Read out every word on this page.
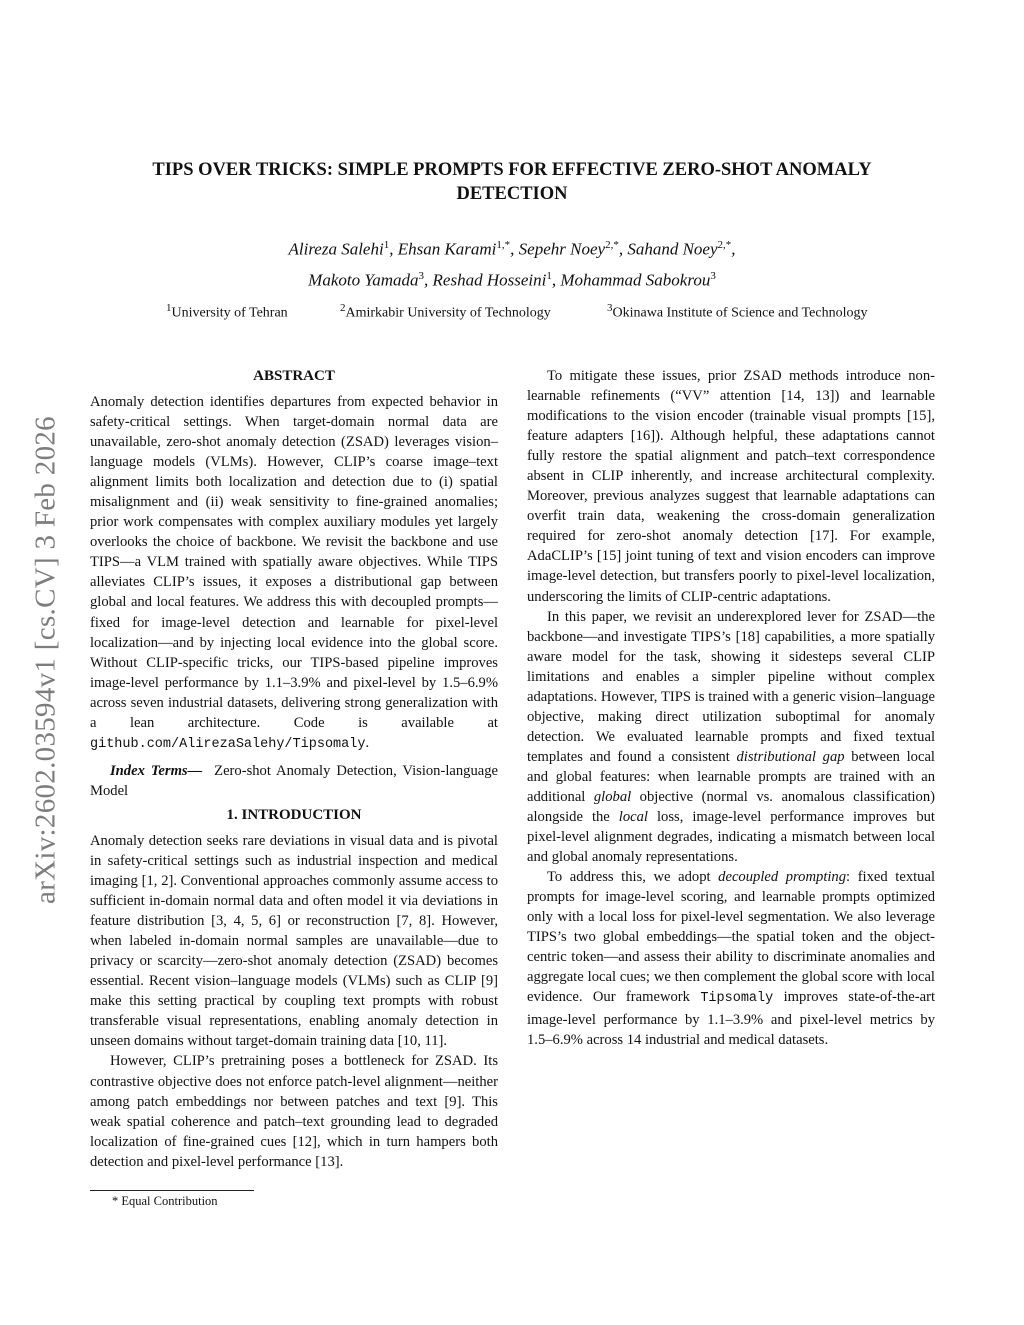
arXiv:2602.03594v1 [cs.CV] 3 Feb 2026
TIPS OVER TRICKS: SIMPLE PROMPTS FOR EFFECTIVE ZERO-SHOT ANOMALY DETECTION
Alireza Salehi$^1$, Ehsan Karami$^{1,*}$, Sepehr Noey$^{2,*}$, Sahand Noey$^{2,*}$,
Makoto Yamada$^3$, Reshad Hosseini$^1$, Mohammad Sabokrou$^3$
$^1$University of Tehran	$^2$Amirkabir University of Technology	$^3$Okinawa Institute of Science and Technology
ABSTRACT

Anomaly detection identifies departures from expected behavior in safety-critical settings. When target-domain normal data are unavailable, zero-shot anomaly detection (ZSAD) leverages vision–language models (VLMs). However, CLIP’s coarse image–text alignment limits both localization and detection due to (i) spatial misalignment and (ii) weak sensitivity to fine-grained anomalies; prior work compensates with complex auxiliary modules yet largely overlooks the choice of backbone. We revisit the backbone and use TIPS—a VLM trained with spatially aware objectives. While TIPS alleviates CLIP’s issues, it exposes a distributional gap between global and local features. We address this with decoupled prompts—fixed for image-level detection and learnable for pixel-level localization—and by injecting local evidence into the global score. Without CLIP-specific tricks, our TIPS-based pipeline improves image-level performance by 1.1–3.9% and pixel-level by 1.5–6.9% across seven industrial datasets, delivering strong generalization with a lean architecture. Code is available at github.com/AlirezaSalehy/Tipsomaly.

Index Terms— Zero-shot Anomaly Detection, Vision-language Model

1. INTRODUCTION

Anomaly detection seeks rare deviations in visual data and is pivotal in safety-critical settings such as industrial inspection and medical imaging [1, 2]. Conventional approaches commonly assume access to sufficient in-domain normal data and often model it via deviations in feature distribution [3, 4, 5, 6] or reconstruction [7, 8]. However, when labeled in-domain normal samples are unavailable—due to privacy or scarcity—zero-shot anomaly detection (ZSAD) becomes essential. Recent vision–language models (VLMs) such as CLIP [9] make this setting practical by coupling text prompts with robust transferable visual representations, enabling anomaly detection in unseen domains without target-domain training data [10, 11].

However, CLIP’s pretraining poses a bottleneck for ZSAD. Its contrastive objective does not enforce patch-level alignment—neither among patch embeddings nor between patches and text [9]. This weak spatial coherence and patch–text grounding lead to degraded localization of fine-grained cues [12], which in turn hampers both detection and pixel-level performance [13].

To mitigate these issues, prior ZSAD methods introduce non-learnable refinements (“VV” attention [14, 13]) and learnable modifications to the vision encoder (trainable visual prompts [15], feature adapters [16]). Although helpful, these adaptations cannot fully restore the spatial alignment and patch–text correspondence absent in CLIP inherently, and increase architectural complexity. Moreover, previous analyzes suggest that learnable adaptations can overfit train data, weakening the cross-domain generalization required for zero-shot anomaly detection [17]. For example, AdaCLIP’s [15] joint tuning of text and vision encoders can improve image-level detection, but transfers poorly to pixel-level localization, underscoring the limits of CLIP-centric adaptations.

In this paper, we revisit an underexplored lever for ZSAD—the backbone—and investigate TIPS’s [18] capabilities, a more spatially aware model for the task, showing it sidesteps several CLIP limitations and enables a simpler pipeline without complex adaptations. However, TIPS is trained with a generic vision–language objective, making direct utilization suboptimal for anomaly detection. We evaluated learnable prompts and fixed textual templates and found a consistent distributional gap between local and global features: when learnable prompts are trained with an additional global objective (normal vs. anomalous classification) alongside the local loss, image-level performance improves but pixel-level alignment degrades, indicating a mismatch between local and global anomaly representations.

To address this, we adopt decoupled prompting: fixed textual prompts for image-level scoring, and learnable prompts optimized only with a local loss for pixel-level segmentation. We also leverage TIPS’s two global embeddings—the spatial token and the object-centric token—and assess their ability to discriminate anomalies and aggregate local cues; we then complement the global score with local evidence. Our framework Tipsomaly improves state-of-the-art image-level performance by 1.1–3.9% and pixel-level metrics by 1.5–6.9% across 14 industrial and medical datasets.

* Equal Contribution
